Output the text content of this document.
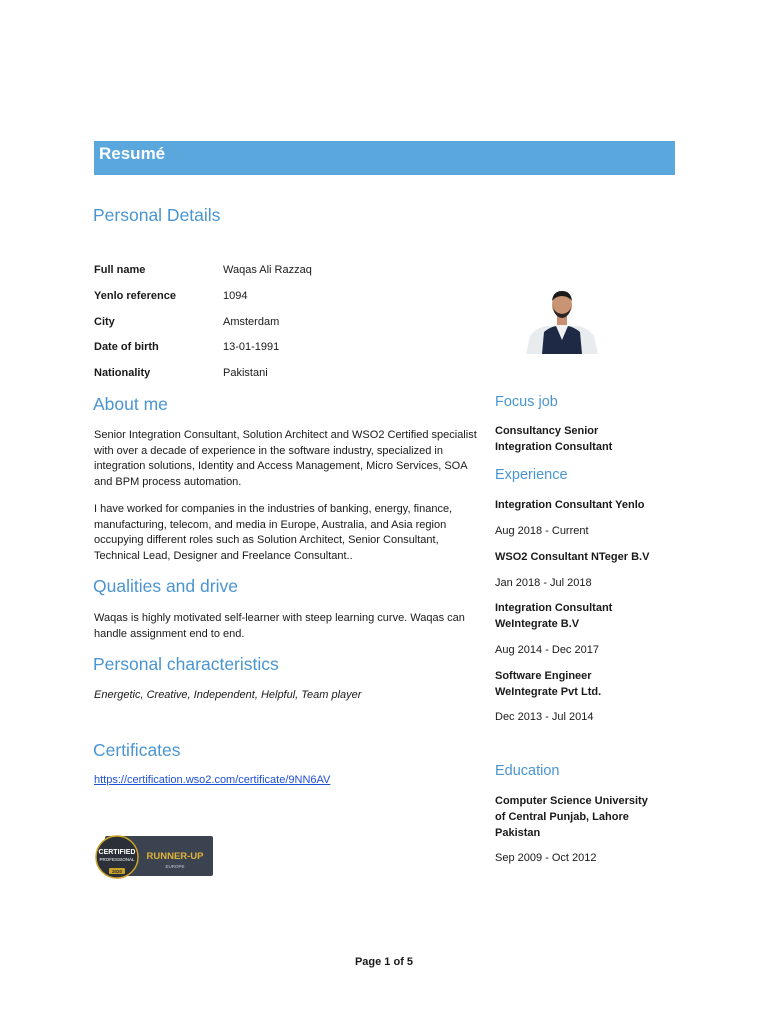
Resumé
Personal Details
Full name	Waqas Ali Razzaq
Yenlo reference	1094
City	Amsterdam
Date of birth	13-01-1991
Nationality	Pakistani
About me

Senior Integration Consultant, Solution Architect and WSO2 Certified specialist with over a decade of experience in the software industry, specialized in integration solutions, Identity and Access Management, Micro Services, SOA and BPM process automation.

I have worked for companies in the industries of banking, energy, finance, manufacturing, telecom, and media in Europe, Australia, and Asia region occupying different roles such as Solution Architect, Senior Consultant, Technical Lead, Designer and Freelance Consultant..

Qualities and drive

Waqas is highly motivated self-learner with steep learning curve. Waqas can handle assignment end to end.

Personal characteristics

Energetic, Creative, Independent, Helpful, Team player

Certificates
https://certification.wso2.com/certificate/9NN6AV
CERTIFIED
PROFESSIONAL
2020
RUNNER-UP
EUROPE
Focus job
Consultancy Senior
Integration Consultant
Experience
Integration Consultant Yenlo
Aug 2018 - Current
WSO2 Consultant NTeger B.V
Jan 2018 - Jul 2018
Integration Consultant
WeIntegrate B.V
Aug 2014 - Dec 2017
Software Engineer
WeIntegrate Pvt Ltd.
Dec 2013 - Jul 2014
Education
Computer Science University
of Central Punjab, Lahore
Pakistan
Sep 2009 - Oct 2012
Page 1 of 5
